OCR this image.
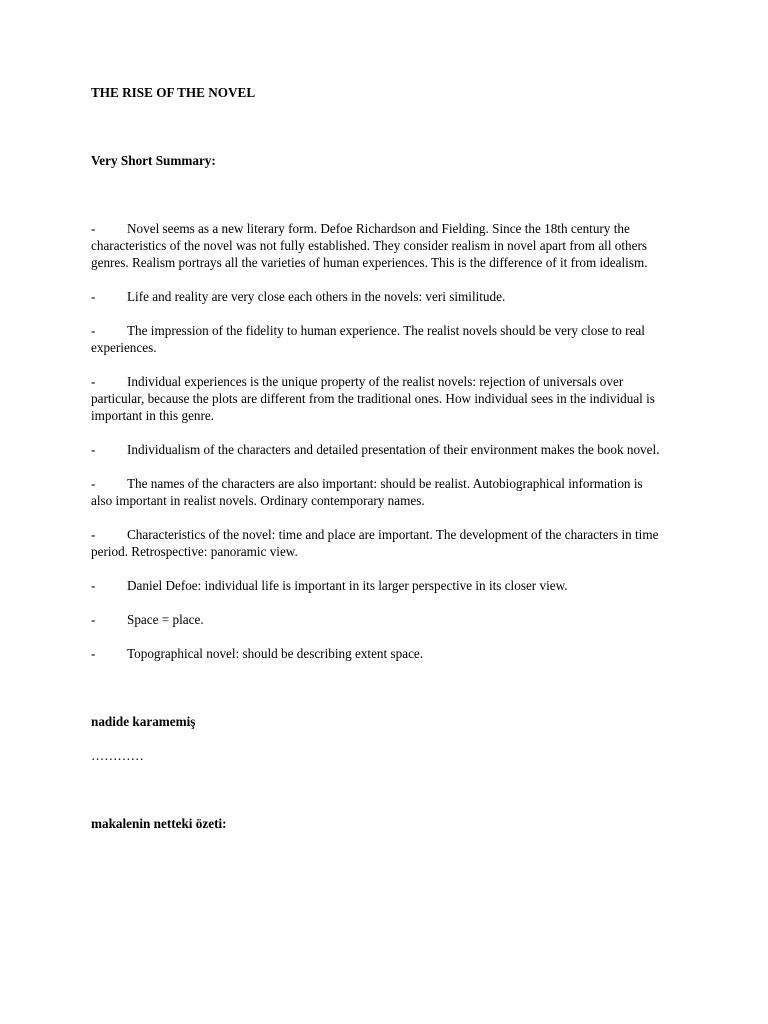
THE RISE OF THE NOVEL

Very Short Summary:

- Novel seems as a new literary form. Defoe Richardson and Fielding. Since the 18th century the characteristics of the novel was not fully established. They consider realism in novel apart from all others genres. Realism portrays all the varieties of human experiences. This is the difference of it from idealism.
- Life and reality are very close each others in the novels: veri similitude.
- The impression of the fidelity to human experience. The realist novels should be very close to real experiences.
- Individual experiences is the unique property of the realist novels: rejection of universals over particular, because the plots are different from the traditional ones. How individual sees in the individual is important in this genre.
- Individualism of the characters and detailed presentation of their environment makes the book novel.
- The names of the characters are also important: should be realist. Autobiographical information is also important in realist novels. Ordinary contemporary names.
- Characteristics of the novel: time and place are important. The development of the characters in time period. Retrospective: panoramic view.
- Daniel Defoe: individual life is important in its larger perspective in its closer view.
- Space = place.
- Topographical novel: should be describing extent space.

nadide karamemiş

…………

makalenin netteki özeti:
